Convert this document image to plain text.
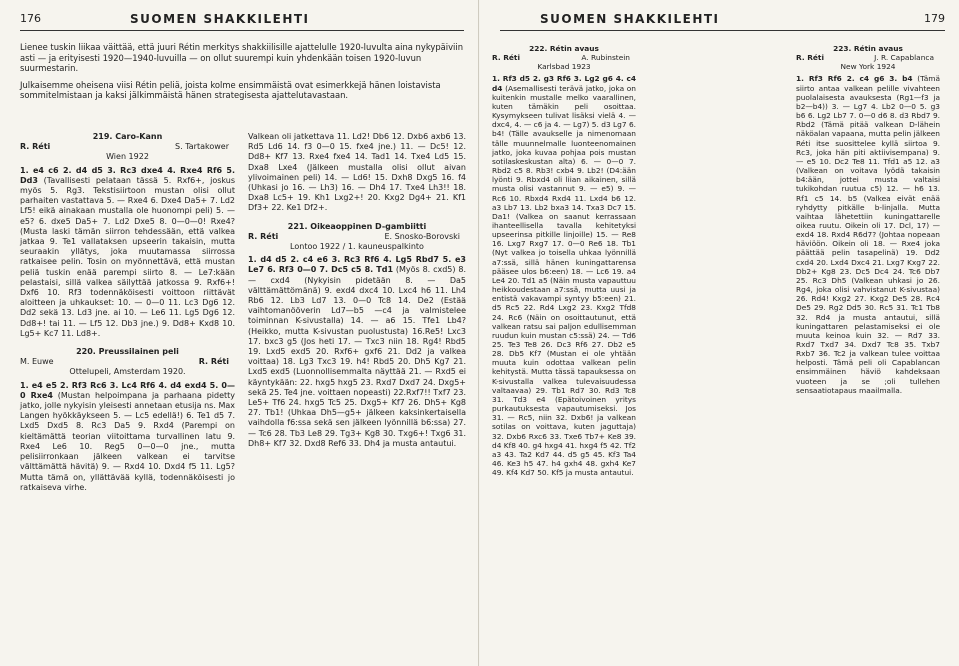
176	SUOMEN SHAKKILEHTI

Lienee tuskin liikaa väittää, että juuri Rétin merkitys shakkiilisille ajattelulle 1920-luvulta aina nykypäiviin asti — ja erityisesti 1920—1940-luvuilla — on ollut suurempi kuin yhdenkään toisen 1920-luvun suurmestarin.

Julkaisemme oheisena viisi Rétin peliä, joista kolme ensimmäistä ovat esimerkkejä hänen loistavista sommitelmistaan ja kaksi jälkimmäistä hänen strategisesta ajattelutavastaan.

219. Caro-Kann
R. Réti	S. Tartakower
Wien 1922
1. e4 c6 2. d4 d5 3. Rc3 dxe4 4. Rxe4 Rf6 5. Dd3 (Tavallisesti pelataan tässä 5. Rxf6+, joskus myös 5. Rg3. Tekstisiirtoon mustan olisi ollut parhaiten vastattava 5. — Rxe4 6. Dxe4 Da5+ 7. Ld2 Lf5! eikä ainakaan mustalla ole huonompi peli) 5. — e5? 6. dxe5 Da5+ 7. Ld2 Dxe5 8. 0—0—0! Rxe4? (Musta laski tämän siirron tehdessään, että valkea jatkaa 9. Te1 vallataksen upseerin takaisin, mutta seuraakin yllätys, joka muutamassa siirrossa ratkaisee pelin. Tosin on myönnettävä, että mustan peliä tuskin enää parempi siirto 8. — Le7:kään pelastaisi, sillä valkea säilyttää jatkossa 9. Rxf6+! Dxf6 10. Rf3 todennäköisesti voittoon riittävät aloitteen ja uhkaukset: 10. — 0—0 11. Lc3 Dg6 12. Dd2 sekä 13. Ld3 jne. ai 10. — Le6 11. Lg5 Dg6 12. Dd8+! tai 11. — Lf5 12. Db3 jne.) 9. Dd8+ Kxd8 10. Lg5+ Kc7 11. Ld8+.
220. Preussilainen peli
M. Euwe	R. Réti
Ottelupeli, Amsterdam 1920.
1. e4 e5 2. Rf3 Rc6 3. Lc4 Rf6 4. d4 exd4 5. 0—0 Rxe4 (Mustan helpoimpana ja parhaana pidetty jatko, jolle nykyisin yleisesti annetaan etusija ns. Max Langen hyökkäykseen 5. — Lc5 edellä!) 6. Te1 d5 7. Lxd5 Dxd5 8. Rc3 Da5 9. Rxd4 (Parempi on kieltämättä teorian viitoittama turvallinen latu 9. Rxe4 Le6 10. Reg5 0—0—0 jne., mutta pelisiirronkaan jälkeen valkean ei tarvitse välttämättä hävitä) 9. — Rxd4 10. Dxd4 f5 11. Lg5? Mutta tämä on, yllättävää kyllä, todennäköisesti jo ratkaiseva virhe.
Valkean oli jatkettava 11. Ld2! Db6 12. Dxb6 axb6 13. Rd5 Ld6 14. f3 0—0 15. fxe4 jne.) 11. — Dc5! 12. Dd8+ Kf7 13. Rxe4 fxe4 14. Tad1 14. Txe4 Ld5 15. Dxa8 Lxe4 (Jälkeen mustalla olisi ollut aivan ylivoimainen peli) 14. — Ld6! 15. Dxh8 Dxg5 16. f4 (Uhkasi jo 16. — Lh3) 16. — Dh4 17. Txe4 Lh3!! 18. Dxa8 Lc5+ 19. Kh1 Lxg2+! 20. Kxg2 Dg4+ 21. Kf1 Df3+ 22. Ke1 Df2+.
221. Oikeaoppinen D-gambiitti
R. Réti	E. Snosko-Borovski
Lontoo 1922 / 1. kauneuspalkinto
1. d4 d5 2. c4 e6 3. Rc3 Rf6 4. Lg5 Rbd7 5. e3 Le7 6. Rf3 0—0 7. Dc5 c5 8. Td1 (Myös 8. cxd5) 8. — cxd4 (Nykyisin pidetään 8. — Da5 välttämättömänä) 9. exd4 dxc4 10. Lxc4 h6 11. Lh4 Rb6 12. Lb3 Ld7 13. 0—0 Tc8 14. De2 (Estää vaihtomanööverin Ld7—b5 —c4 ja valmistelee toiminnan K-sivustalla) 14. — a6 15. Tfe1 Lb4? (Heikko, mutta K-sivustan puolustusta) 16.Re5! Lxc3 17. bxc3 g5 (Jos heti 17. — Txc3 niin 18. Rg4! Rbd5 19. Lxd5 exd5 20. Rxf6+ gxf6 21. Dd2 ja valkea voittaa) 18. Lg3 Txc3 19. h4! Rbd5 20. Dh5 Kg7 21. Lxd5 exd5 (Luonnollisemmalta näyttää 21. — Rxd5 ei käyntykään: 22. hxg5 hxg5 23. Rxd7 Dxd7 24. Dxg5+ sekä 25. Te4 jne. voittaen nopeasti) 22.Rxf7!! Txf7 23. Le5+ Tf6 24. hxg5 Tc5 25. Dxg5+ Kf7 26. Dh5+ Kg8 27. Tb1! (Uhkaa Dh5—g5+ jälkeen kaksinkertaisella vaihdolla f6:ssa sekä sen jälkeen lyönnillä b6:ssa) 27. — Tc6 28. Tb3 Le8 29. Tg3+ Kg8 30. Txg6+! Txg6 31. Dh8+ Kf7 32. Dxd8 Ref6 33. Dh4 ja musta antautui.
SUOMEN SHAKKILEHTI	179
222. Rétin avaus
R. Réti	A. Rubinstein
Karlsbad 1923
1. Rf3 d5 2. g3 Rf6 3. Lg2 g6 4. c4 d4 (Asemallisesti terävä jatko, joka on kuitenkin mustalle melko vaarallinen, kuten tämäkin peli osoittaa. Kysymykseen tulivat lisäksi vielä 4. — dxc4, 4. — c6 ja 4. — Lg7) 5. d3 Lg7 6. b4! (Tälle avaukselle ja nimenomaan tälle muunnelmalle luonteenomainen jatko, joka kuvaa pohjaa pois mustan sotilaskeskustan alta) 6. — 0—0 7. Rbd2 c5 8. Rb3! cxb4 9. Lb2! (D4:ään lyönti 9. Rbxd4 oli liian aikainen, sillä musta olisi vastannut 9. — e5) 9. — Rc6 10. Rbxd4 Rxd4 11. Lxd4 b6 12. a3 Lb7 13. Lb2 bxa3 14. Txa3 Dc7 15. Da1! (Valkea on saanut kerrassaan ihanteellisella tavalla kehitetyksi upseerinsa pitkille linjoille) 15. — Re8 16. Lxg7 Rxg7 17. 0—0 Re6 18. Tb1 (Nyt valkea jo toisella uhkaa lyönnillä a7:ssä, sillä hänen kuningattarensa pääsee ulos b6:een) 18. — Lc6 19. a4 Le4 20. Td1 a5 (Näin musta vapauttuu heikkoudestaan a7:ssä, mutta uusi ja entistä vakavampi syntyy b5:een) 21. d5 Rc5 22. Rd4 Lxg2 23. Kxg2 Tfd8 24. Rc6 (Näin on osoittautunut, että valkean ratsu sai paljon edullisemman ruudun kuin mustan c5:ssä) 24. — Td6 25. Te3 Te8 26. Dc3 Rf6 27. Db2 e5 28. Db5 Kf7 (Mustan ei ole yhtään muuta kuin odottaa valkean pelin kehitystä. Mutta tässä tapauksessa on K-sivustalla valkea tulevaisuudessa valtaavaa) 29. Tb1 Rd7 30. Rd3 Tc8 31. Td3 e4 (Epätoivoinen yritys purkautuksesta vapautumiseksi. Jos 31. — Rc5, niin 32. Dxb6! ja valkean sotilas on voittava, kuten jaguttaja) 32. Dxb6 Rxc6 33. Txe6 Tb7+ Ke8 39. d4 Kf8 40. g4 hxg4 41. hxg4 f5 42. Tf2 a3 43. Ta2 Kd7 44. d5 g5 45. Kf3 Ta4 46. Ke3 h5 47. h4 gxh4 48. gxh4 Ke7 49. Kf4 Kd7 50. Kf5 ja musta antautui.
223. Rétin avaus
R. Réti	J. R. Capablanca
New York 1924
1. Rf3 Rf6 2. c4 g6 3. b4 (Tämä siirto antaa valkean pelille vivahteen puolalaisesta avauksesta (Rg1—f3 ja b2—b4)) 3. — Lg7 4. Lb2 0—0 5. g3 b6 6. Lg2 Lb7 7. 0—0 d6 8. d3 Rbd7 9. Rbd2 (Tämä pitää valkean D-lähein näköalan vapaana, mutta pelin jälkeen Réti itse suosittelee kyllä siirtoa 9. Rc3, joka hän piti aktiivisempana) 9. — e5 10. Dc2 Te8 11. Tfd1 a5 12. a3 (Valkean on voitava lyödä takaisin b4:ään, jottei musta valtaisi tukikohdan ruutua c5) 12. — h6 13. Rf1 c5 14. b5 (Valkea eivät enää ryhdytty pitkälle b-linjalla. Mutta vaihtaa lähetettiin kuningattarelle oikea ruutu. Oikein oli 17. Dcl, 17) — exd4 18. Rxd4 R6d7? (Johtaa nopeaan häviöön. Oikein oli 18. — Rxe4 joka päättää pelin tasapelinä) 19. Dd2 cxd4 20. Lxd4 Dxc4 21. Lxg7 Kxg7 22. Db2+ Kg8 23. Dc5 Dc4 24. Tc6 Db7 25. Rc3 Dh5 (Valkean uhkasi jo 26. Rg4, joka olisi vahvistanut K-sivustaa) 26. Rd4! Kxg2 27. Kxg2 De5 28. Rc4 De5 29. Rg2 Dd5 30. Rc5 31. Tc1 Tb8 32. Rd4 ja musta antautui, sillä kuningattaren pelastamiseksi ei ole muuta keinoa kuin 32. — Rd7 33. Rxd7 Txd7 34. Dxd7 Tc8 35. Txb7 Rxb7 36. Tc2 ja valkean tulee voittaa helposti. Tämä peli oli Capablancan ensimmäinen häviö kahdeksaan vuoteen ja se ;oli tullehen sensaatiotapaus maailmalla.
